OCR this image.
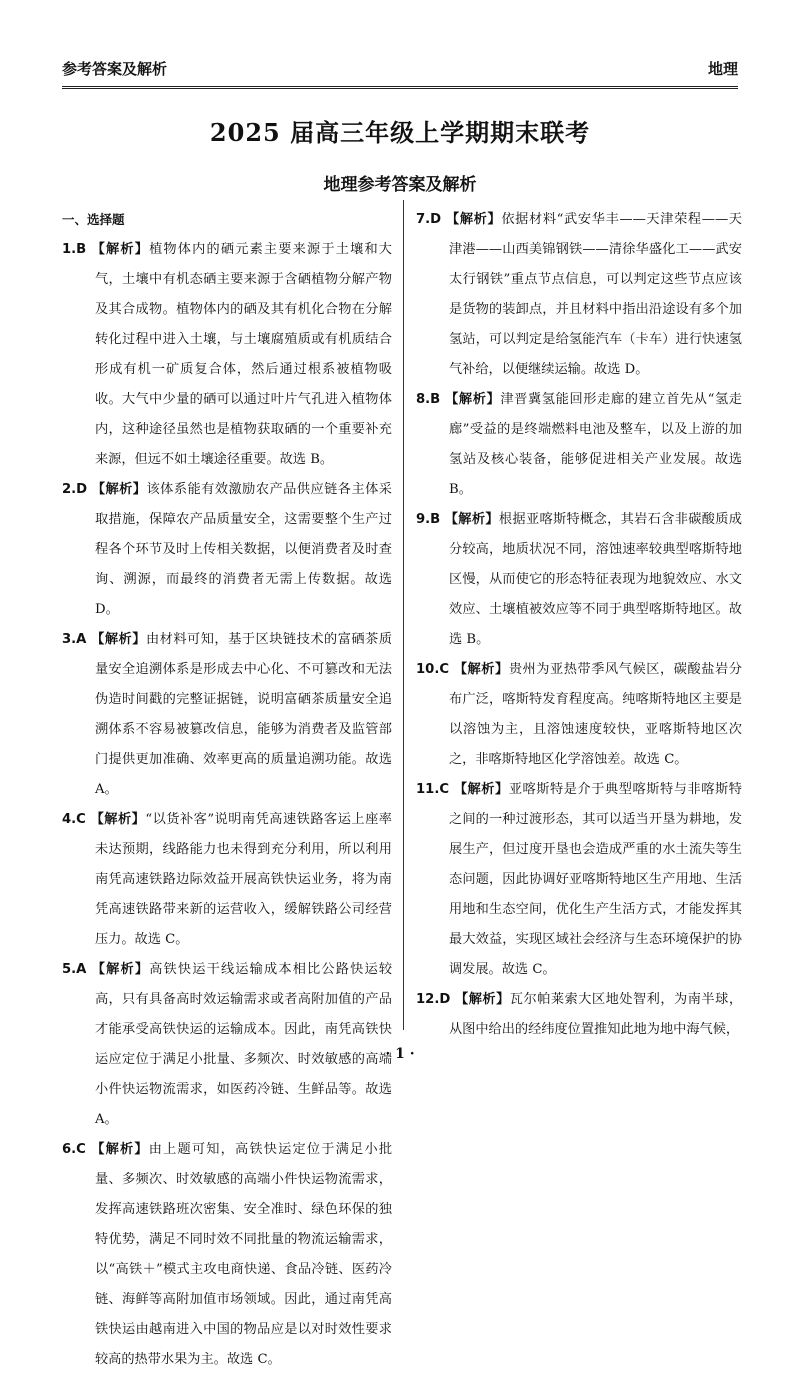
参考答案及解析	地理
2025 届高三年级上学期期末联考
地理参考答案及解析
一、选择题

1.B 【解析】植物体内的硒元素主要来源于土壤和大气，土壤中有机态硒主要来源于含硒植物分解产物及其合成物。植物体内的硒及其有机化合物在分解转化过程中进入土壤，与土壤腐殖质或有机质结合形成有机一矿质复合体，然后通过根系被植物吸收。大气中少量的硒可以通过叶片气孔进入植物体内，这种途径虽然也是植物获取硒的一个重要补充来源，但远不如土壤途径重要。故选 B。

2.D 【解析】该体系能有效激励农产品供应链各主体采取措施，保障农产品质量安全，这需要整个生产过程各个环节及时上传相关数据，以便消费者及时查询、溯源，而最终的消费者无需上传数据。故选 D。

3.A 【解析】由材料可知，基于区块链技术的富硒茶质量安全追溯体系是形成去中心化、不可篡改和无法伪造时间戳的完整证据链，说明富硒茶质量安全追溯体系不容易被篡改信息，能够为消费者及监管部门提供更加准确、效率更高的质量追溯功能。故选 A。

4.C 【解析】“以货补客”说明南凭高速铁路客运上座率未达预期，线路能力也未得到充分利用，所以利用南凭高速铁路边际效益开展高铁快运业务，将为南凭高速铁路带来新的运营收入，缓解铁路公司经营压力。故选 C。

5.A 【解析】高铁快运干线运输成本相比公路快运较高，只有具备高时效运输需求或者高附加值的产品才能承受高铁快运的运输成本。因此，南凭高铁快运应定位于满足小批量、多频次、时效敏感的高端小件快运物流需求，如医药冷链、生鲜品等。故选 A。

6.C 【解析】由上题可知，高铁快运定位于满足小批量、多频次、时效敏感的高端小件快运物流需求，发挥高速铁路班次密集、安全准时、绿色环保的独特优势，满足不同时效不同批量的物流运输需求，以“高铁＋”模式主攻电商快递、食品冷链、医药冷链、海鲜等高附加值市场领域。因此，通过南凭高铁快运由越南进入中国的物品应是以对时效性要求较高的热带水果为主。故选 C。

7.D 【解析】依据材料“武安华丰——天津荣程——天津港——山西美锦钢铁——清徐华盛化工——武安太行钢铁”重点节点信息，可以判定这些节点应该是货物的装卸点，并且材料中指出沿途设有多个加氢站，可以判定是给氢能汽车（卡车）进行快速氢气补给，以便继续运输。故选 D。

8.B 【解析】津晋冀氢能回形走廊的建立首先从“氢走廊”受益的是终端燃料电池及整车，以及上游的加氢站及核心装备，能够促进相关产业发展。故选 B。

9.B 【解析】根据亚喀斯特概念，其岩石含非碳酸质成分较高，地质状况不同，溶蚀速率较典型喀斯特地区慢，从而使它的形态特征表现为地貌效应、水文效应、土壤植被效应等不同于典型喀斯特地区。故选 B。

10.C 【解析】贵州为亚热带季风气候区，碳酸盐岩分布广泛，喀斯特发育程度高。纯喀斯特地区主要是以溶蚀为主，且溶蚀速度较快，亚喀斯特地区次之，非喀斯特地区化学溶蚀差。故选 C。

11.C 【解析】亚喀斯特是介于典型喀斯特与非喀斯特之间的一种过渡形态，其可以适当开垦为耕地，发展生产，但过度开垦也会造成严重的水土流失等生态问题，因此协调好亚喀斯特地区生产用地、生活用地和生态空间，优化生产生活方式，才能发挥其最大效益，实现区域社会经济与生态环境保护的协调发展。故选 C。

12.D 【解析】瓦尔帕莱索大区地处智利，为南半球，从图中给出的经纬度位置推知此地为地中海气候，

· 1 ·
